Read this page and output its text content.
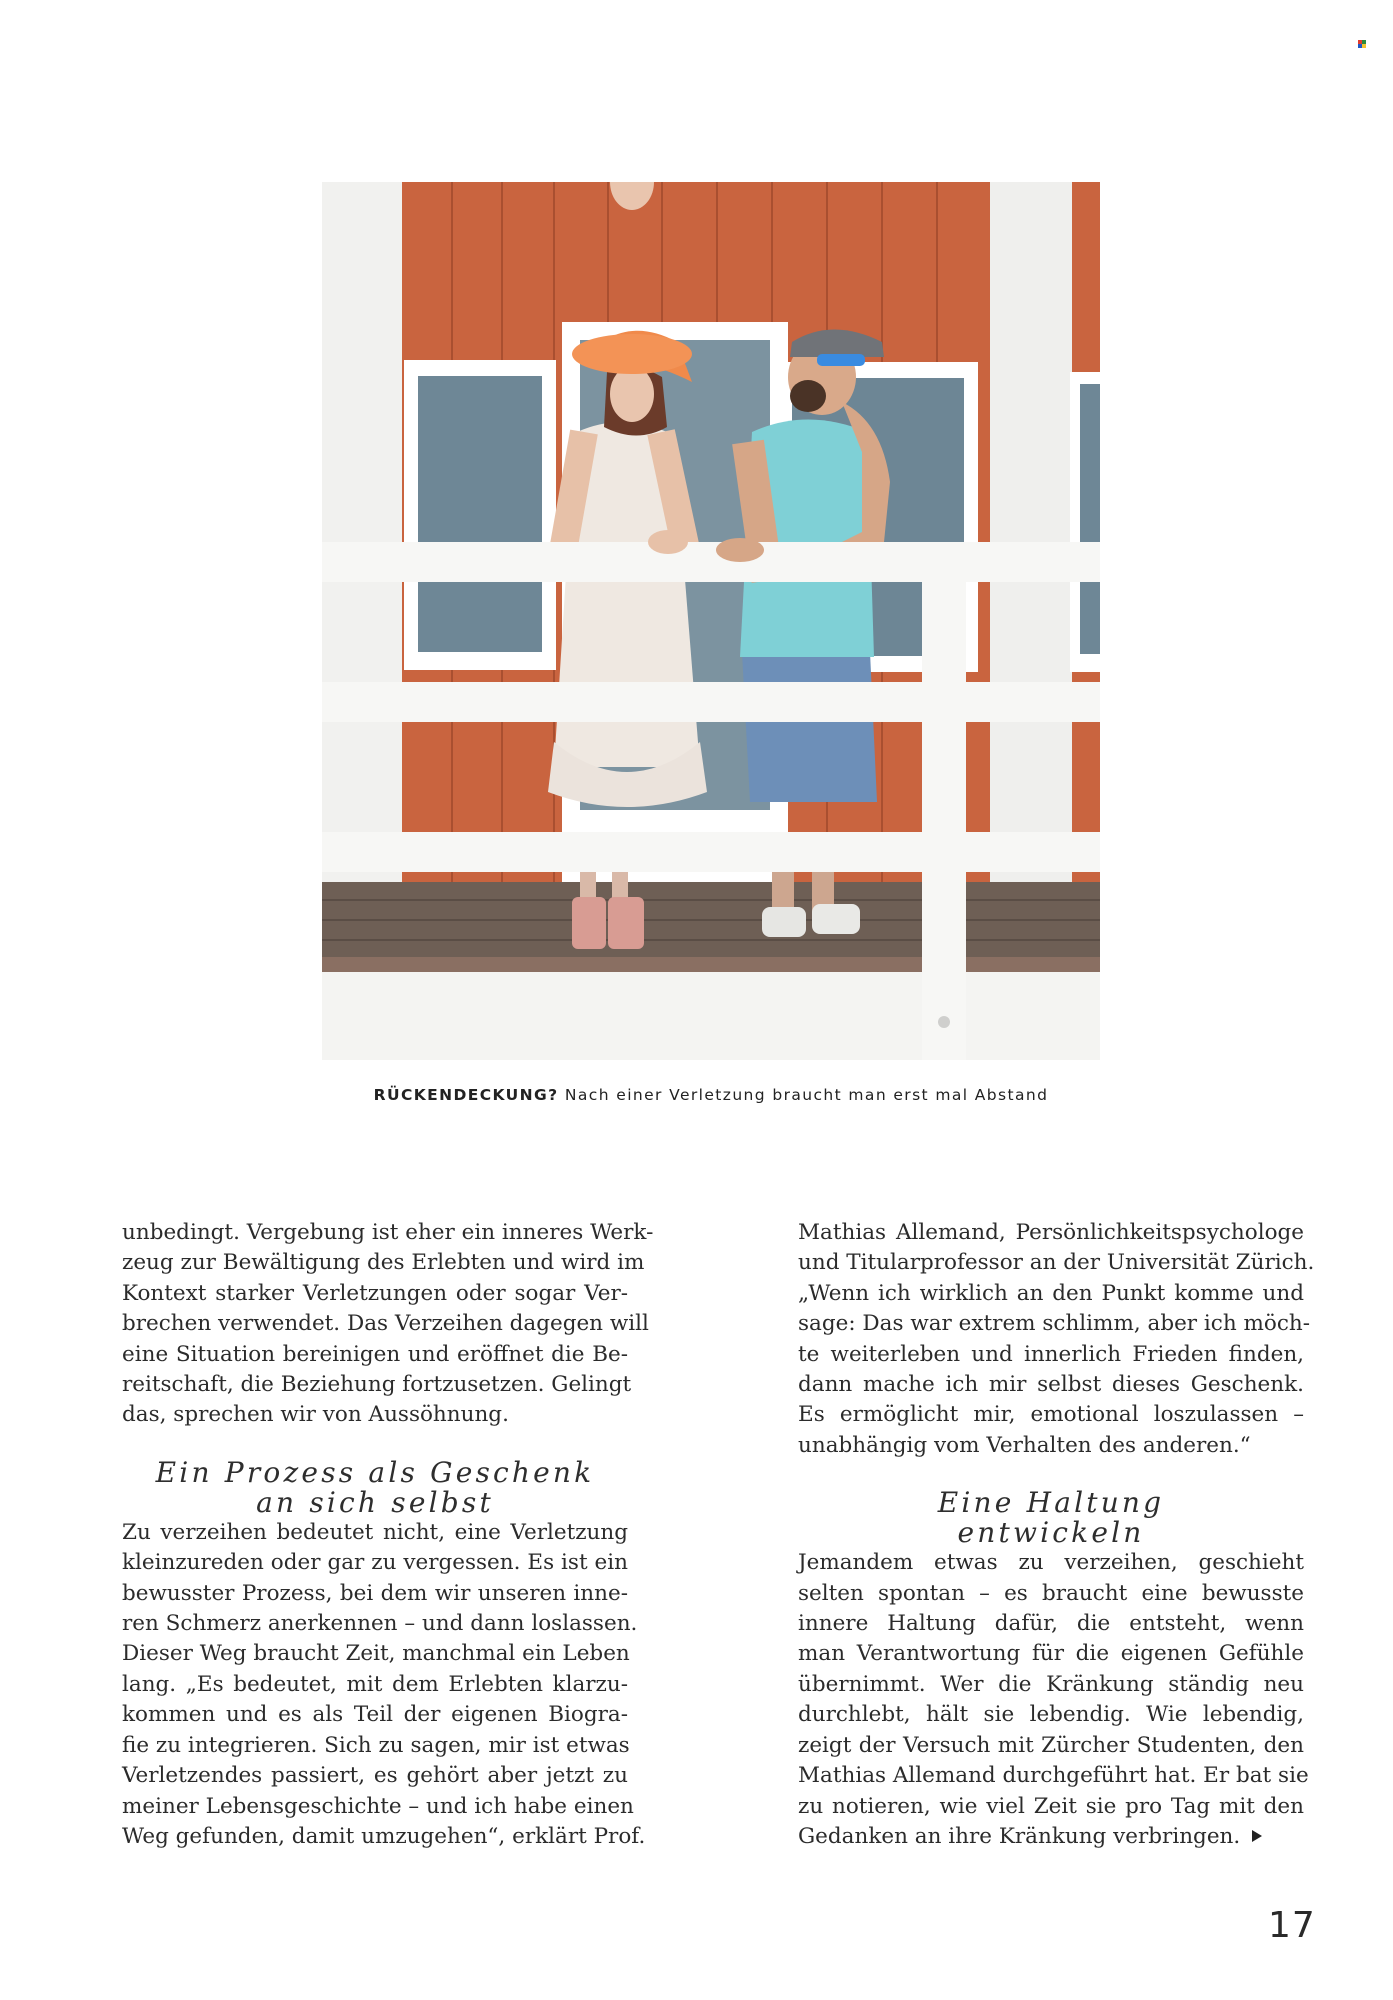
RÜCKENDECKUNG? Nach einer Verletzung braucht man erst mal Abstand
unbedingt. Vergebung ist eher ein inneres Werk-
zeug zur Bewältigung des Erlebten und wird im
Kontext starker Verletzungen oder sogar Ver-
brechen verwendet. Das Verzeihen dagegen will
eine Situation bereinigen und eröffnet die Be-
reitschaft, die Beziehung fortzusetzen. Gelingt
das, sprechen wir von Aussöhnung.
Ein Prozess als Geschenk
an sich selbst
Zu verzeihen bedeutet nicht, eine Verletzung
kleinzureden oder gar zu vergessen. Es ist ein
bewusster Prozess, bei dem wir unseren inne-
ren Schmerz anerkennen – und dann loslassen.
Dieser Weg braucht Zeit, manchmal ein Leben
lang. „Es bedeutet, mit dem Erlebten klarzu-
kommen und es als Teil der eigenen Biogra-
fie zu integrieren. Sich zu sagen, mir ist etwas
Verletzendes passiert, es gehört aber jetzt zu
meiner Lebensgeschichte – und ich habe einen
Weg gefunden, damit umzugehen“, erklärt Prof.
Mathias Allemand, Persönlichkeitspsychologe
und Titularprofessor an der Universität Zürich.
„Wenn ich wirklich an den Punkt komme und
sage: Das war extrem schlimm, aber ich möch-
te weiterleben und innerlich Frieden finden,
dann mache ich mir selbst dieses Geschenk.
Es ermöglicht mir, emotional loszulassen –
unabhängig vom Verhalten des anderen.“
Eine Haltung
entwickeln
Jemandem etwas zu verzeihen, geschieht
selten spontan – es braucht eine bewusste
innere Haltung dafür, die entsteht, wenn
man Verantwortung für die eigenen Gefühle
übernimmt. Wer die Kränkung ständig neu
durchlebt, hält sie lebendig. Wie lebendig,
zeigt der Versuch mit Zürcher Studenten, den
Mathias Allemand durchgeführt hat. Er bat sie
zu notieren, wie viel Zeit sie pro Tag mit den
Gedanken an ihre Kränkung verbringen.
17
